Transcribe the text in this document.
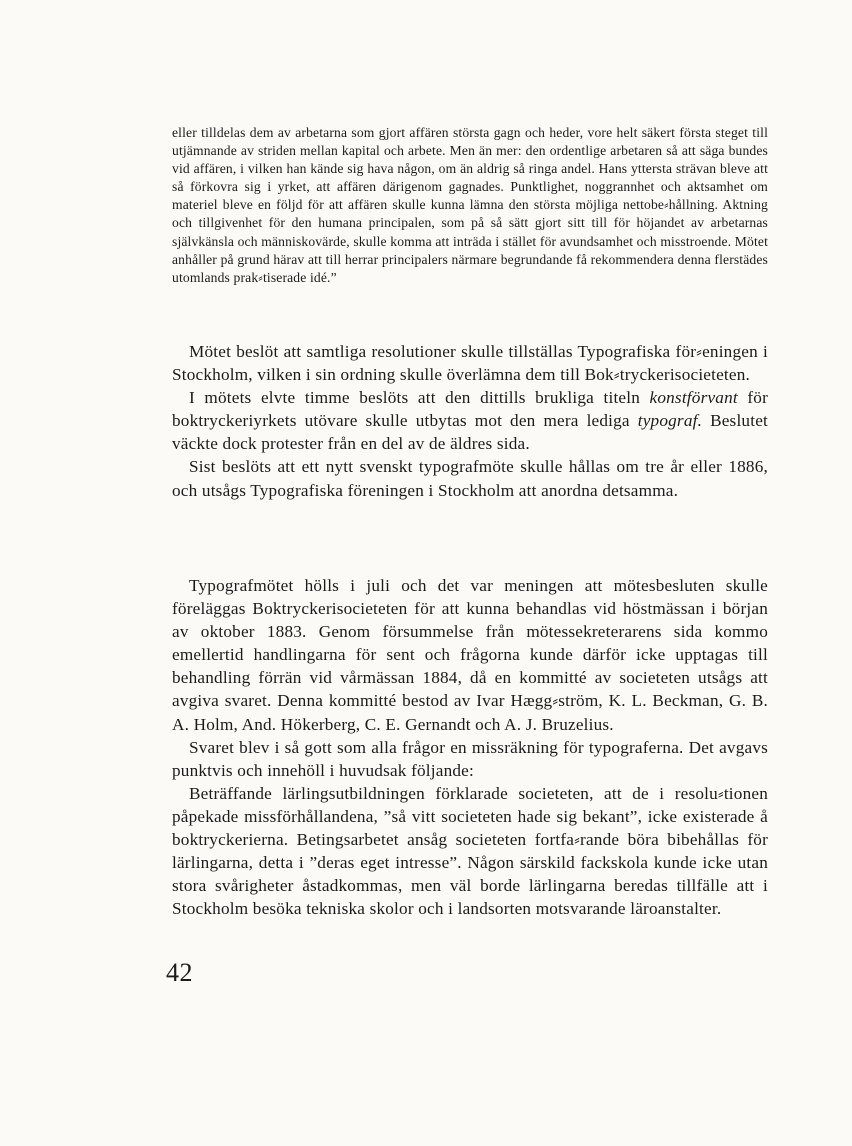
eller tilldelas dem av arbetarna som gjort affären största gagn och heder, vore helt säkert första steget till utjämnande av striden mellan kapital och arbete. Men än mer: den ordentlige arbetaren så att säga bundes vid affären, i vilken han kände sig hava någon, om än aldrig så ringa andel. Hans yttersta strävan bleve att så förkovra sig i yrket, att affären därigenom gagnades. Punktlighet, noggrannhet och aktsamhet om materiel bleve en följd för att affären skulle kunna lämna den största möjliga nettobe⸗hållning. Aktning och tillgivenhet för den humana principalen, som på så sätt gjort sitt till för höjandet av arbetarnas självkänsla och människovärde, skulle komma att inträda i stället för avundsamhet och misstroende. Mötet anhåller på grund härav att till herrar principalers närmare begrundande få rekommendera denna flerstädes utomlands prak⸗tiserade idé.”

Mötet beslöt att samtliga resolutioner skulle tillställas Typografiska för⸗eningen i Stockholm, vilken i sin ordning skulle överlämna dem till Bok⸗tryckerisocieteten.

I mötets elvte timme beslöts att den dittills brukliga titeln konstförvant för boktryckeriyrkets utövare skulle utbytas mot den mera lediga typograf. Beslutet väckte dock protester från en del av de äldres sida.

Sist beslöts att ett nytt svenskt typografmöte skulle hållas om tre år eller 1886, och utsågs Typografiska föreningen i Stockholm att anordna detsamma.

Typografmötet hölls i juli och det var meningen att mötesbesluten skulle föreläggas Boktryckerisocieteten för att kunna behandlas vid höstmässan i början av oktober 1883. Genom försummelse från mötessekreterarens sida kommo emellertid handlingarna för sent och frågorna kunde därför icke upptagas till behandling förrän vid vårmässan 1884, då en kommitté av societeten utsågs att avgiva svaret. Denna kommitté bestod av Ivar Hægg⸗ström, K. L. Beckman, G. B. A. Holm, And. Hökerberg, C. E. Gernandt och A. J. Bruzelius.

Svaret blev i så gott som alla frågor en missräkning för typograferna. Det avgavs punktvis och innehöll i huvudsak följande:

Beträffande lärlingsutbildningen förklarade societeten, att de i resolu⸗tionen påpekade missförhållandena, ”så vitt societeten hade sig bekant”, icke existerade å boktryckerierna. Betingsarbetet ansåg societeten fortfa⸗rande böra bibehållas för lärlingarna, detta i ”deras eget intresse”. Någon särskild fackskola kunde icke utan stora svårigheter åstadkommas, men väl borde lärlingarna beredas tillfälle att i Stockholm besöka tekniska skolor och i landsorten motsvarande läroanstalter.

42
